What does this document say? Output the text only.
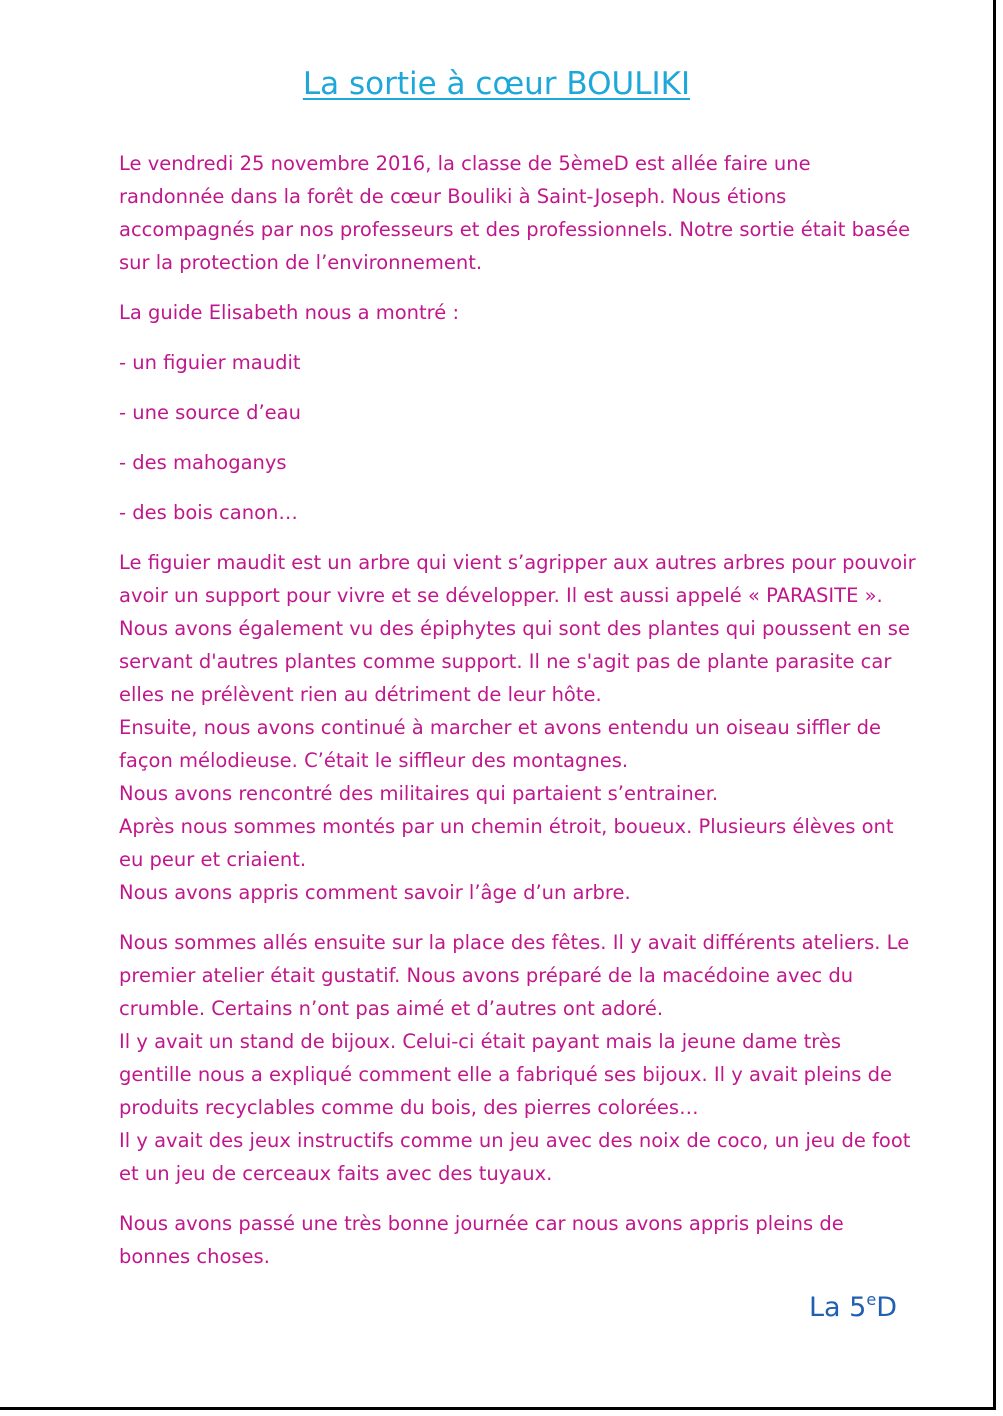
La sortie à cœur BOULIKI

Le vendredi 25 novembre 2016, la classe de 5èmeD est allée faire une randonnée dans la forêt de cœur Bouliki à Saint-Joseph. Nous étions accompagnés par nos professeurs et des professionnels. Notre sortie était basée sur la protection de l’environnement.

La guide Elisabeth nous a montré :

- un figuier maudit

- une source d’eau

- des mahoganys

- des bois canon…

Le figuier maudit est un arbre qui vient s’agripper aux autres arbres pour pouvoir avoir un support pour vivre et se développer. Il est aussi appelé « PARASITE ».

Nous avons également vu des épiphytes qui sont des plantes qui poussent en se servant d'autres plantes comme support. Il ne s'agit pas de plante parasite car elles ne prélèvent rien au détriment de leur hôte.

Ensuite, nous avons continué à marcher et avons entendu un oiseau siffler de façon mélodieuse. C’était le siffleur des montagnes.

Nous avons rencontré des militaires qui partaient s’entrainer.

Après nous sommes montés par un chemin étroit, boueux. Plusieurs élèves ont eu peur et criaient.

Nous avons appris comment savoir l’âge d’un arbre.

Nous sommes allés ensuite sur la place des fêtes. Il y avait différents ateliers. Le premier atelier était gustatif. Nous avons préparé de la macédoine avec du crumble. Certains n’ont pas aimé et d’autres ont adoré.

Il y avait un stand de bijoux. Celui-ci était payant mais la jeune dame très gentille nous a expliqué comment elle a fabriqué ses bijoux. Il y avait pleins de produits recyclables comme du bois, des pierres colorées…

Il y avait des jeux instructifs comme un jeu avec des noix de coco, un jeu de foot et un jeu de cerceaux faits avec des tuyaux.

Nous avons passé une très bonne journée car nous avons appris pleins de bonnes choses.

La 5eD
